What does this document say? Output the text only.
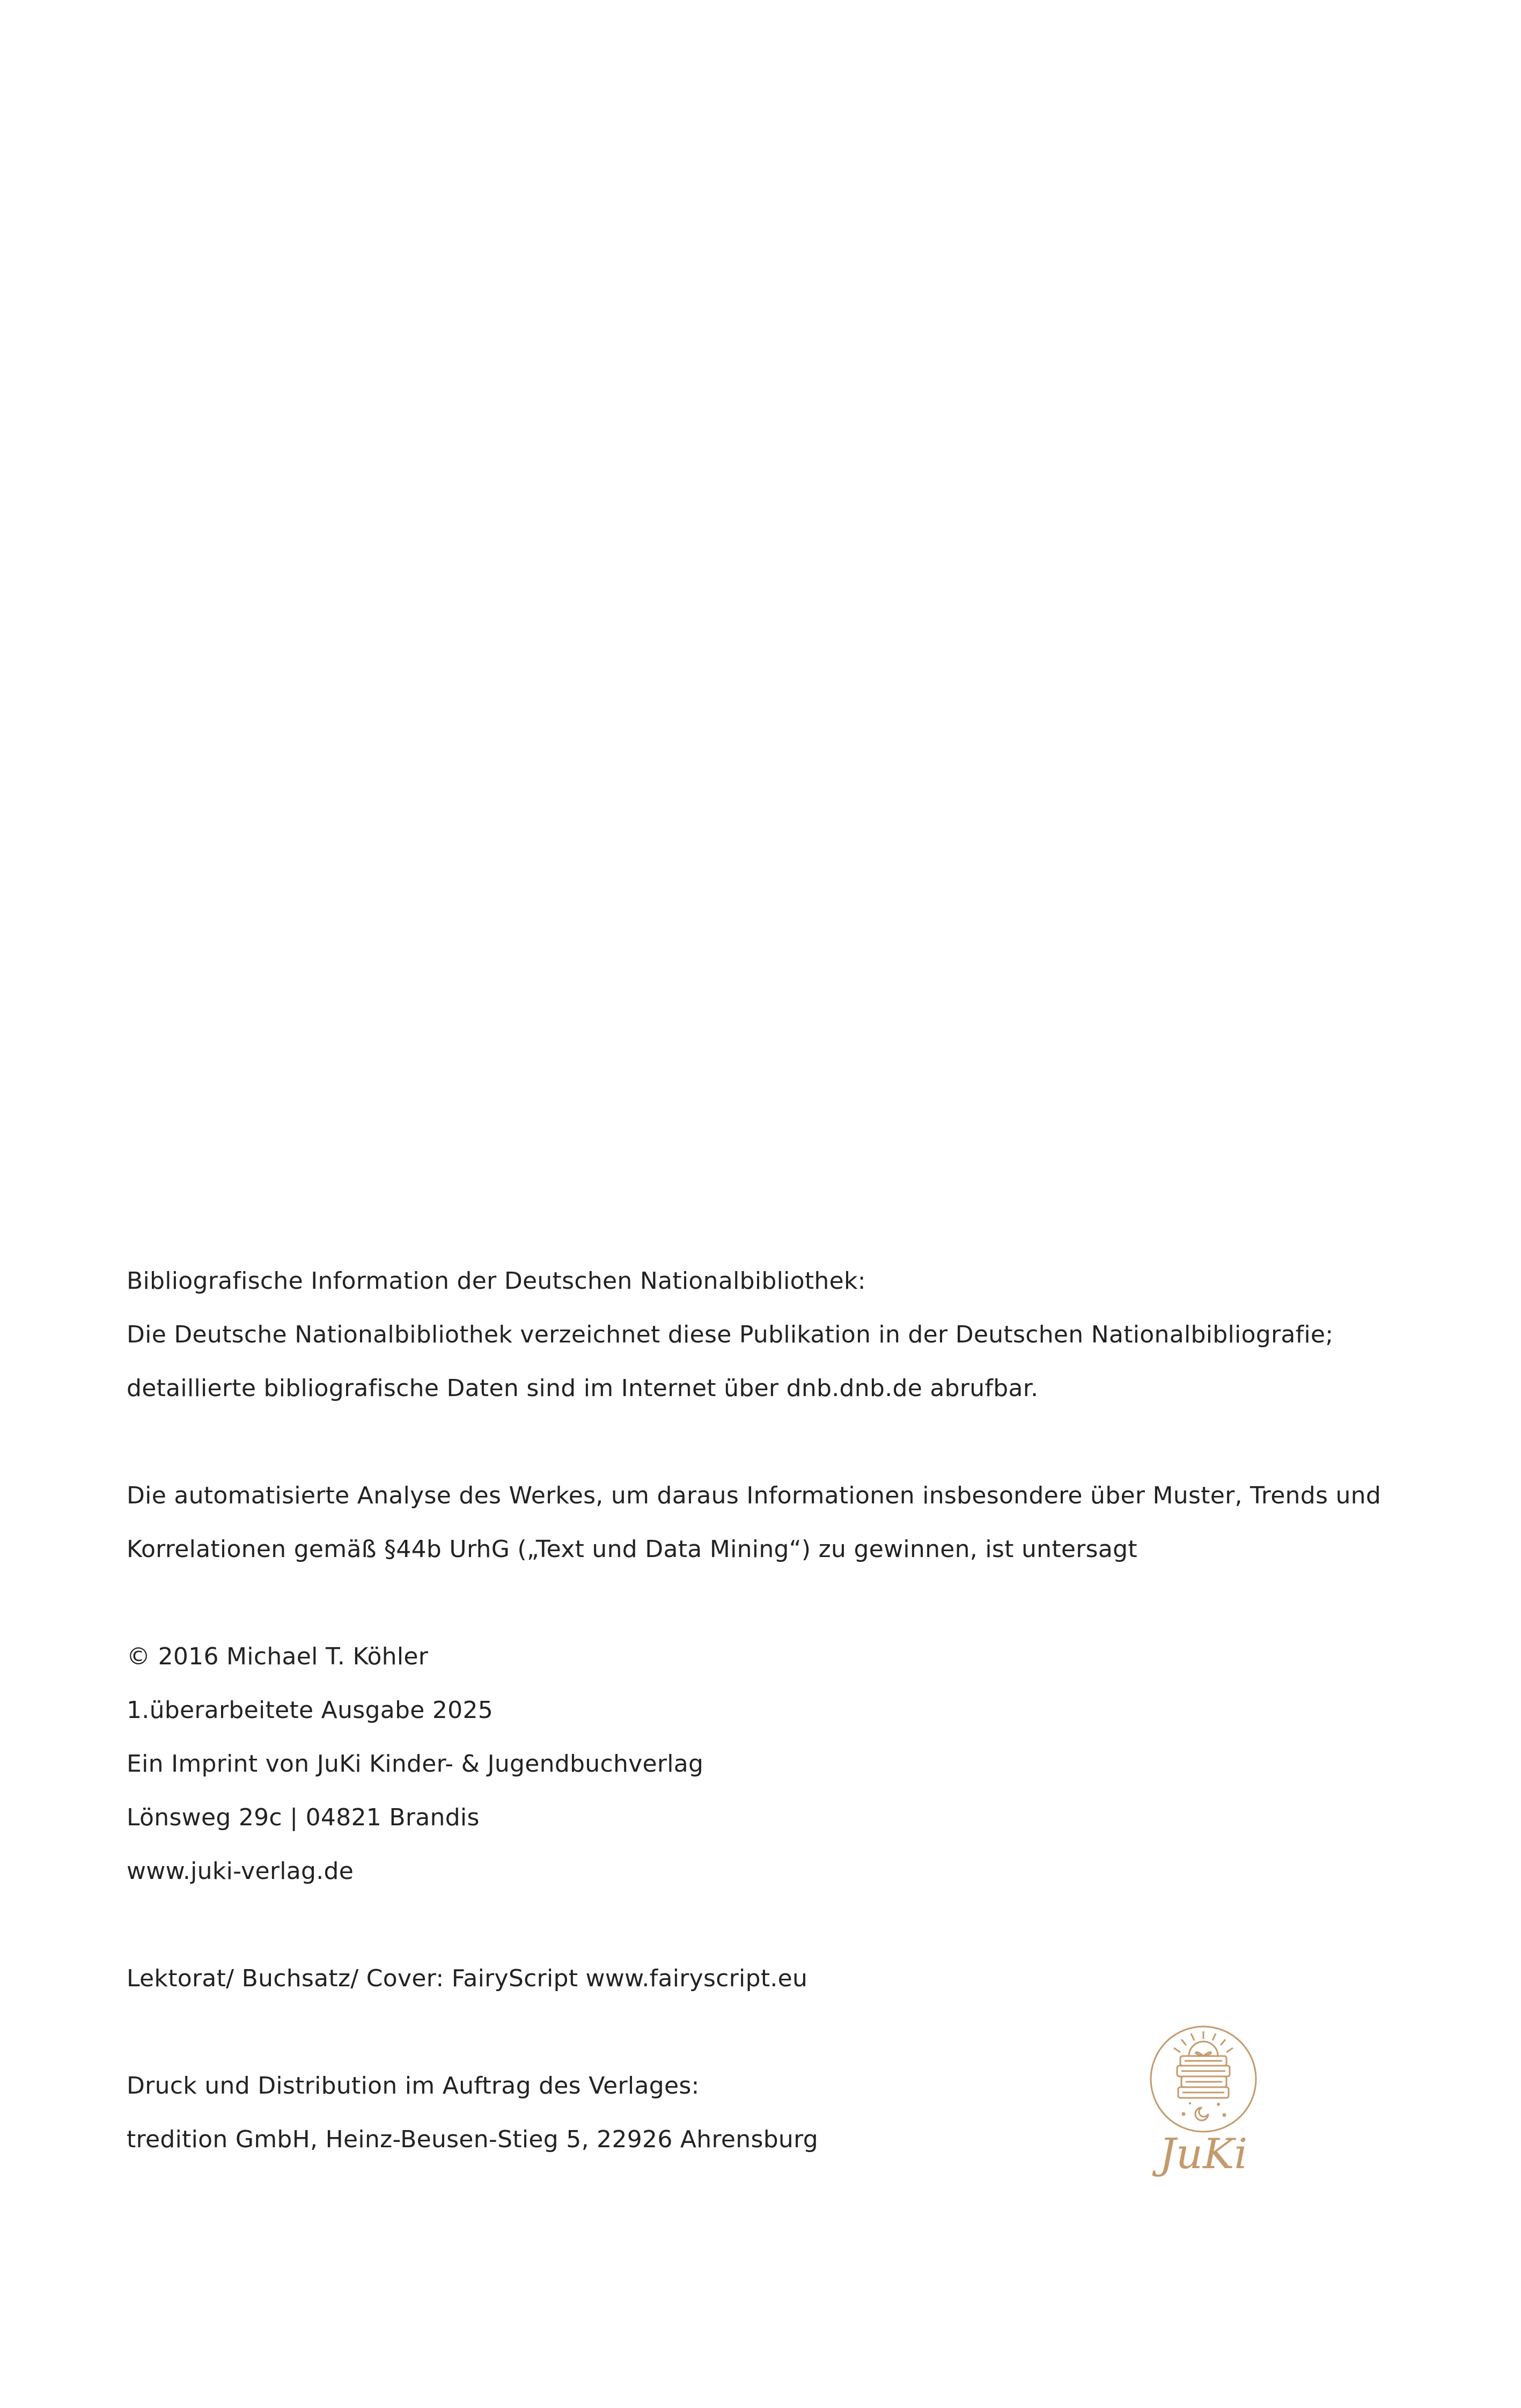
Bibliografische Information der Deutschen Nationalbibliothek:
Die Deutsche Nationalbibliothek verzeichnet diese Publikation in der Deutschen Nationalbibliografie;
detaillierte bibliografische Daten sind im Internet über dnb.dnb.de abrufbar.
Die automatisierte Analyse des Werkes, um daraus Informationen insbesondere über Muster, Trends und
Korrelationen gemäß §44b UrhG („Text und Data Mining“) zu gewinnen, ist untersagt
© 2016 Michael T. Köhler
1.überarbeitete Ausgabe 2025
Ein Imprint von JuKi Kinder- & Jugendbuchverlag
Lönsweg 29c | 04821 Brandis
www.juki-verlag.de
Lektorat/ Buchsatz/ Cover: FairyScript www.fairyscript.eu
Druck und Distribution im Auftrag des Verlages:
tredition GmbH, Heinz-Beusen-Stieg 5, 22926 Ahrensburg	JuKi
